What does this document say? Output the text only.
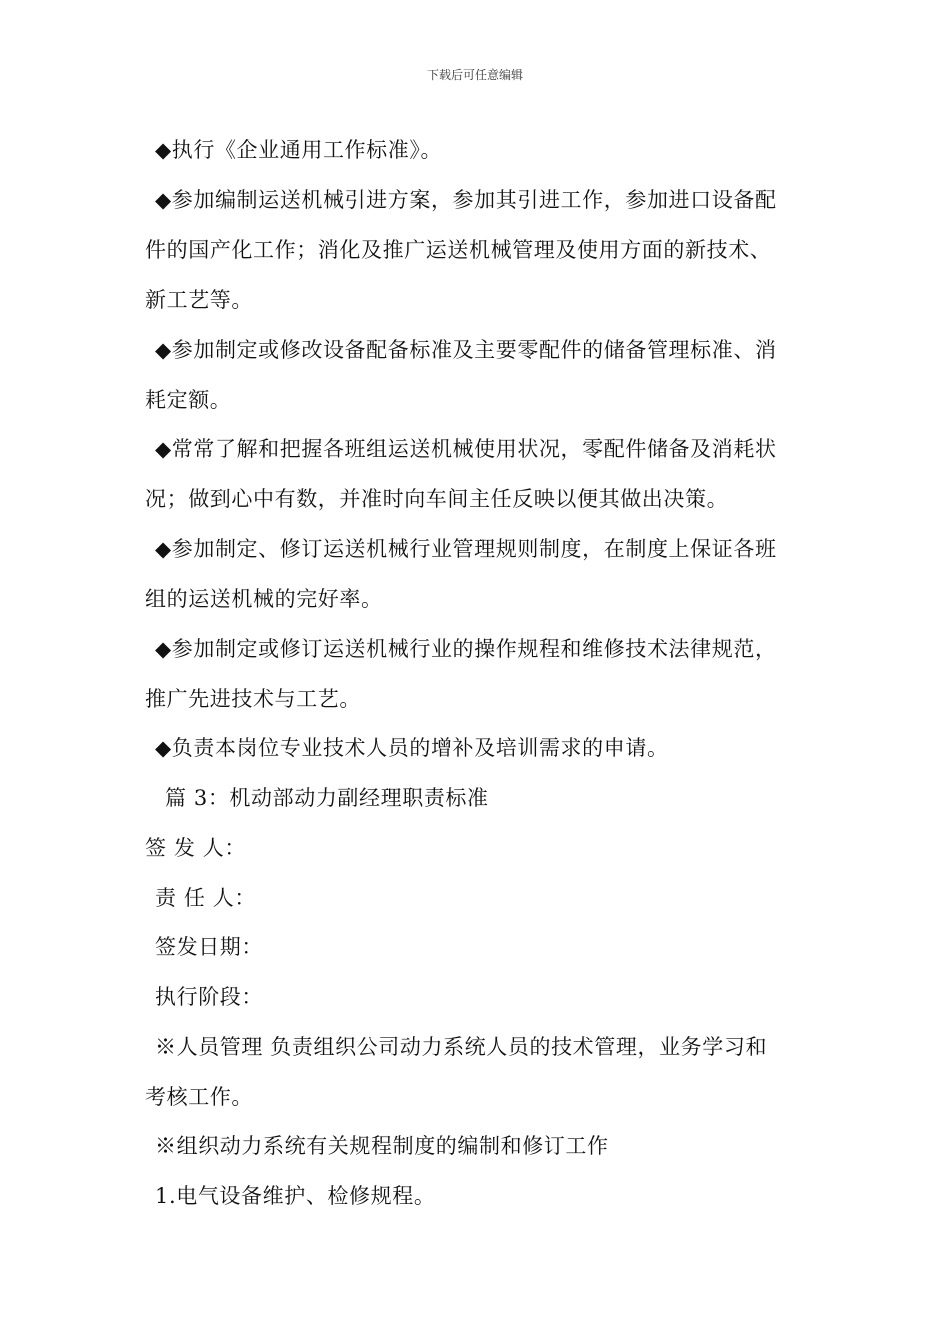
下载后可任意编辑
◆执行《企业通用工作标准》。
◆参加编制运送机械引进方案，参加其引进工作，参加进口设备配
件的国产化工作；消化及推广运送机械管理及使用方面的新技术、
新工艺等。
◆参加制定或修改设备配备标准及主要零配件的储备管理标准、消
耗定额。
◆常常了解和把握各班组运送机械使用状况，零配件储备及消耗状
况；做到心中有数，并准时向车间主任反映以便其做出决策。
◆参加制定、修订运送机械行业管理规则制度，在制度上保证各班
组的运送机械的完好率。
◆参加制定或修订运送机械行业的操作规程和维修技术法律规范，
推广先进技术与工艺。
◆负责本岗位专业技术人员的增补及培训需求的申请。
篇 3：机动部动力副经理职责标准
签 发 人：
责 任 人：
签发日期：
执行阶段：
※人员管理 负责组织公司动力系统人员的技术管理，业务学习和
考核工作。
※组织动力系统有关规程制度的编制和修订工作
1.电气设备维护、检修规程。
